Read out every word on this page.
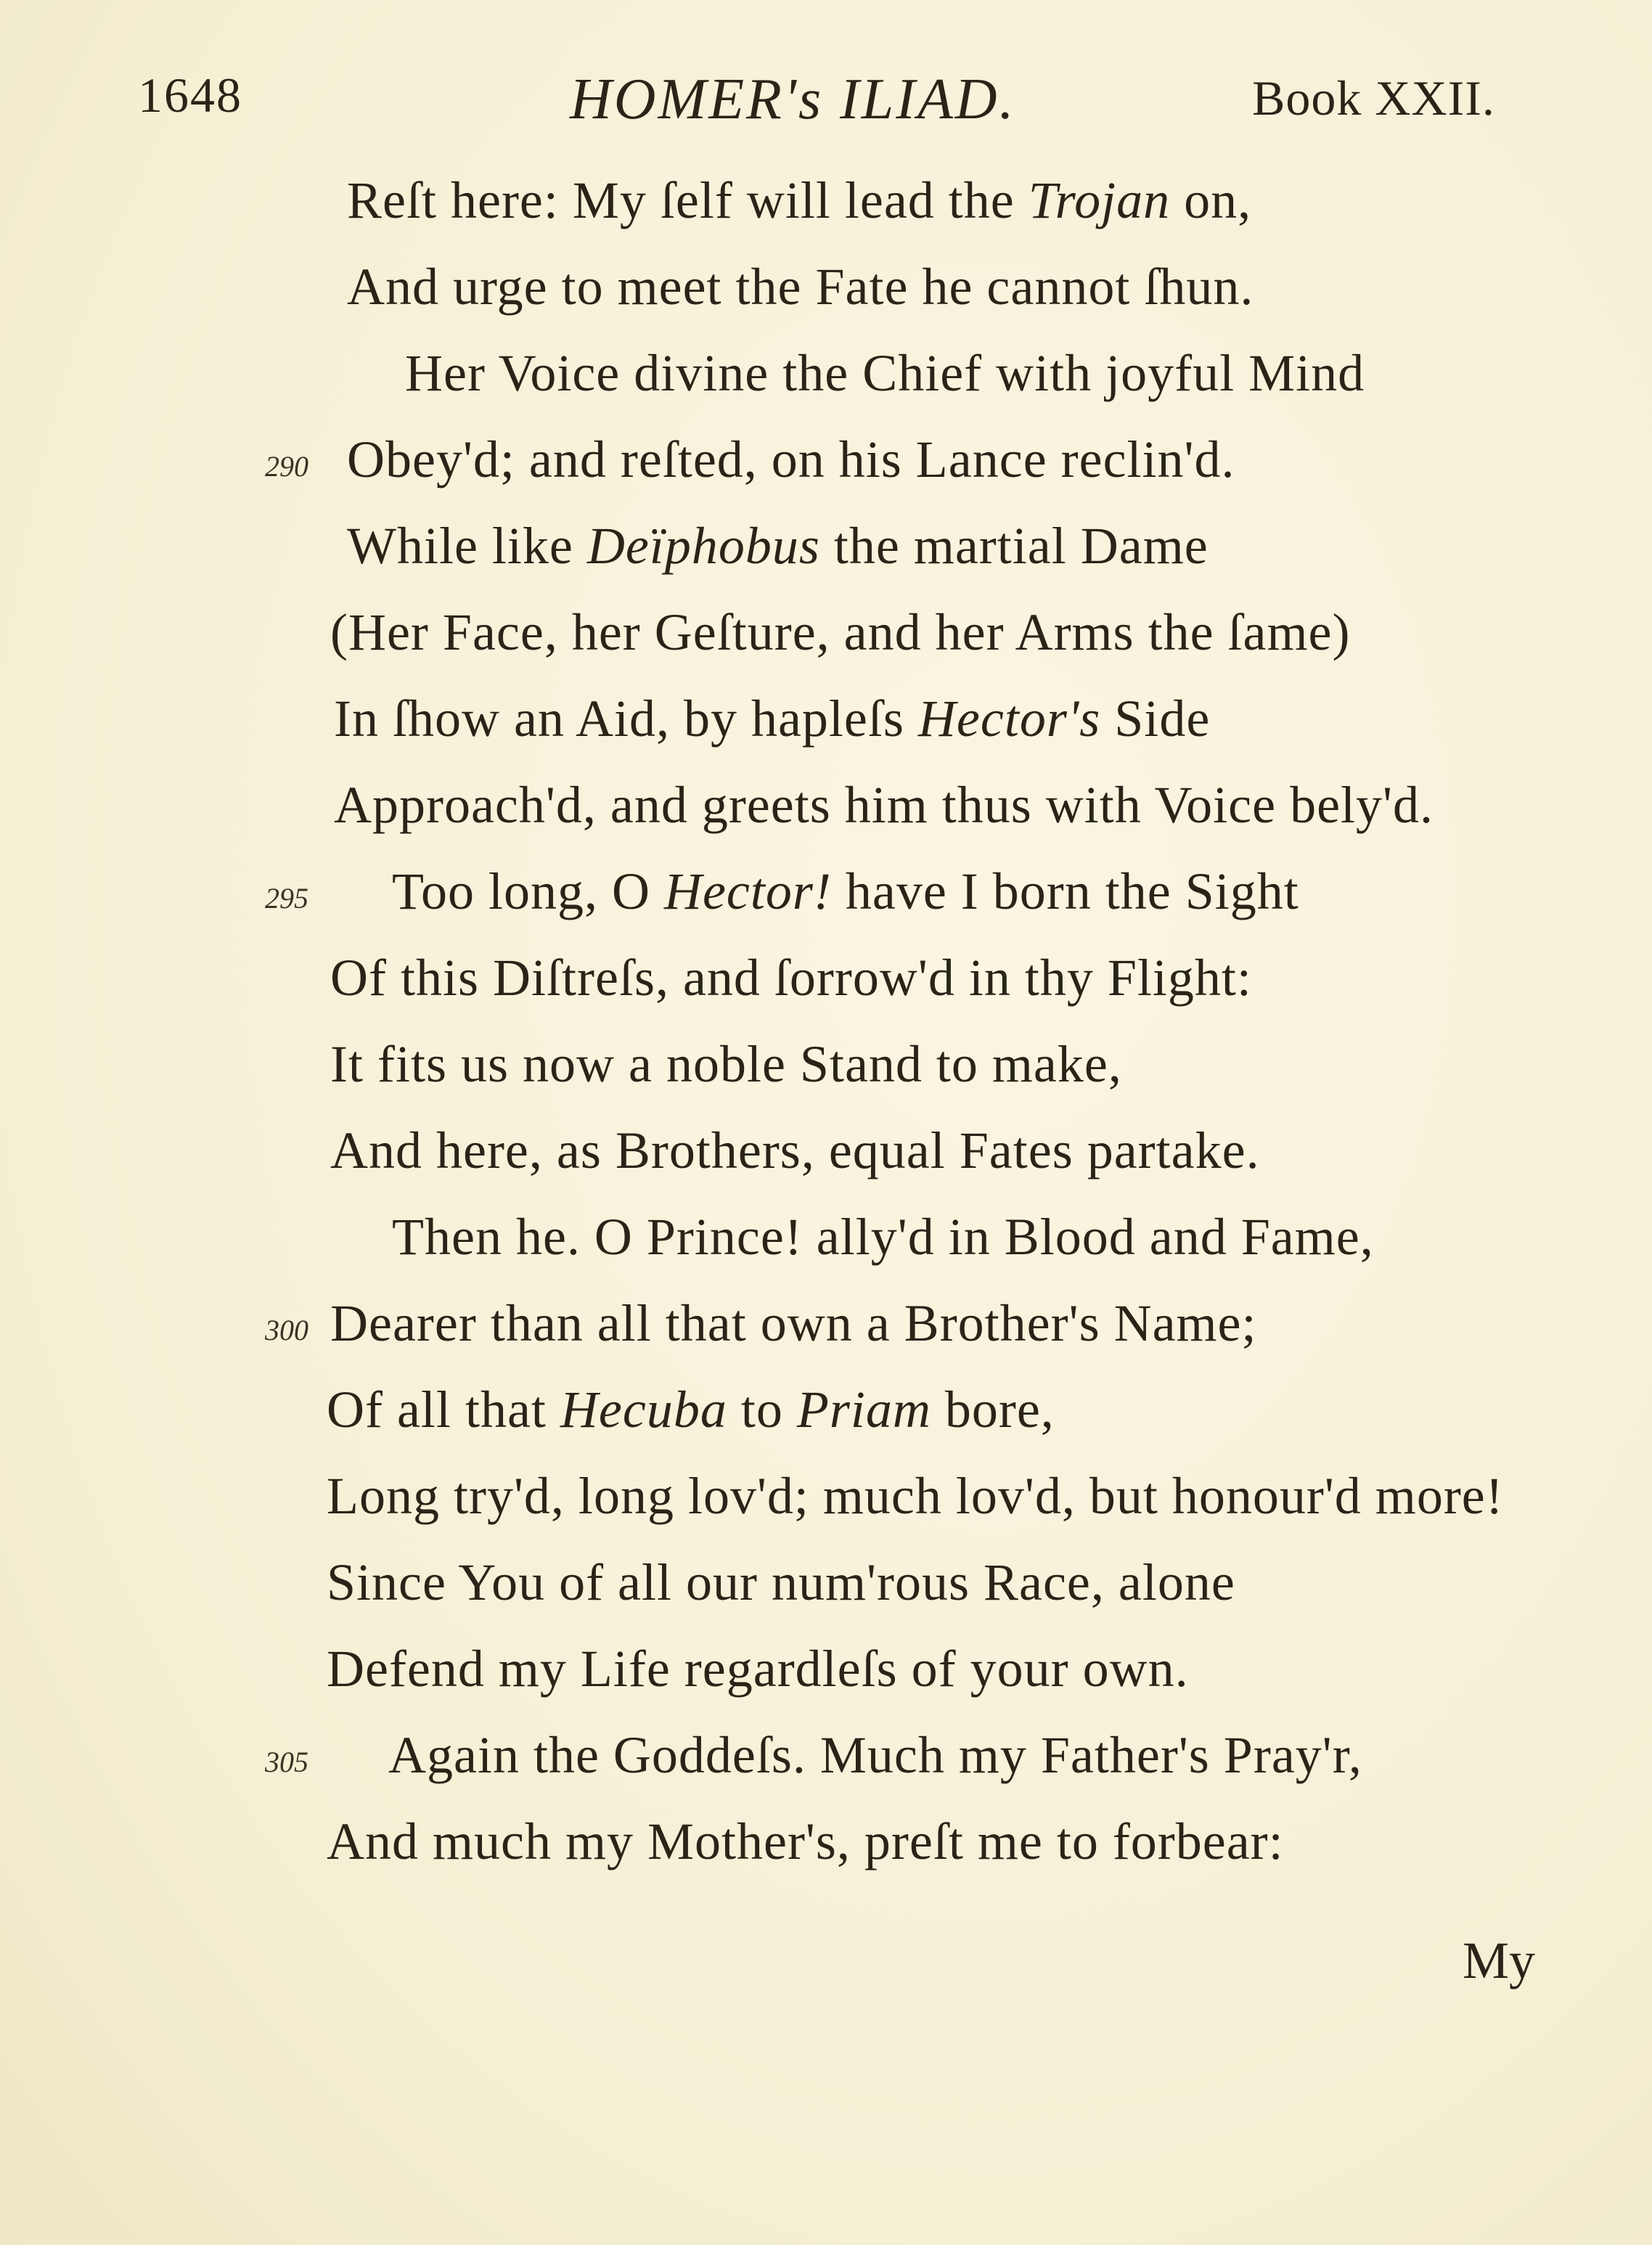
1648	HOMER's ILIAD.	Book XXII.
Reſt here: My ſelf will lead the Trojan on,
And urge to meet the Fate he cannot ſhun.
Her Voice divine the Chief with joyful Mind
290 Obey'd; and reſted, on his Lance reclin'd.
While like Deïphobus the martial Dame
(Her Face, her Geſture, and her Arms the ſame)
In ſhow an Aid, by hapleſs Hector's Side
Approach'd, and greets him thus with Voice bely'd.
295 Too long, O Hector! have I born the Sight
Of this Diſtreſs, and ſorrow'd in thy Flight:
It fits us now a noble Stand to make,
And here, as Brothers, equal Fates partake.
Then he. O Prince! ally'd in Blood and Fame,
300 Dearer than all that own a Brother's Name;
Of all that Hecuba to Priam bore,
Long try'd, long lov'd; much lov'd, but honour'd more!
Since You of all our num'rous Race, alone
Defend my Life regardleſs of your own.
305 Again the Goddeſs. Much my Father's Pray'r,
And much my Mother's, preſt me to forbear:
My
